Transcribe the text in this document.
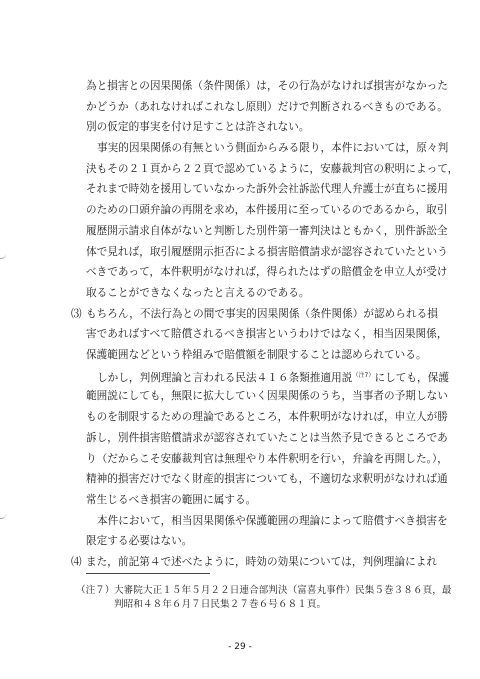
為と損害との因果関係（条件関係）は，その行為がなければ損害がなかった

かどうか（あれなければこれなし原則）だけで判断されるべきものである。

別の仮定的事実を付け足すことは許されない。

事実的因果関係の有無という側面からみる限り，本件においては，原々判

決もその２１頁から２２頁で認めているように，安藤裁判官の釈明によって，

それまで時効を援用していなかった訴外会社訴訟代理人弁護士が直ちに援用

のための口頭弁論の再開を求め，本件援用に至っているのであるから，取引

履歴開示請求自体がないと判断した別件第一審判決はともかく，別件訴訟全

体で見れば，取引履歴開示拒否による損害賠償請求が認容されていたという

べきであって，本件釈明がなければ，得られたはずの賠償金を申立人が受け

取ることができなくなったと言えるのである。

⑶ もちろん，不法行為との間で事実的因果関係（条件関係）が認められる損

害であればすべて賠償されるべき損害というわけではなく，相当因果関係，

保護範囲などという枠組みで賠償額を制限することは認められている。

しかし，判例理論と言われる民法４１６条類推適用説$^{(注7)}$にしても，保護

範囲説にしても，無限に拡大していく因果関係のうち，当事者の予期しない

ものを制限するための理論であるところ，本件釈明がなければ，申立人が勝

訴し，別件損害賠償請求が認容されていたことは当然予見できるところであ

り（だからこそ安藤裁判官は無理やり本件釈明を行い，弁論を再開した。），

精神的損害だけでなく財産的損害についても，不適切な求釈明がなければ通

常生じるべき損害の範囲に属する。

本件において，相当因果関係や保護範囲の理論によって賠償すべき損害を

限定する必要はない。

⑷ また，前記第４で述べたように，時効の効果については，判例理論によれ

（注７） 大審院大正１５年５月２２日連合部判決（富喜丸事件）民集５巻３８６頁，最
判昭和４８年６月７日民集２７巻６号６８１頁。
- 29 -
